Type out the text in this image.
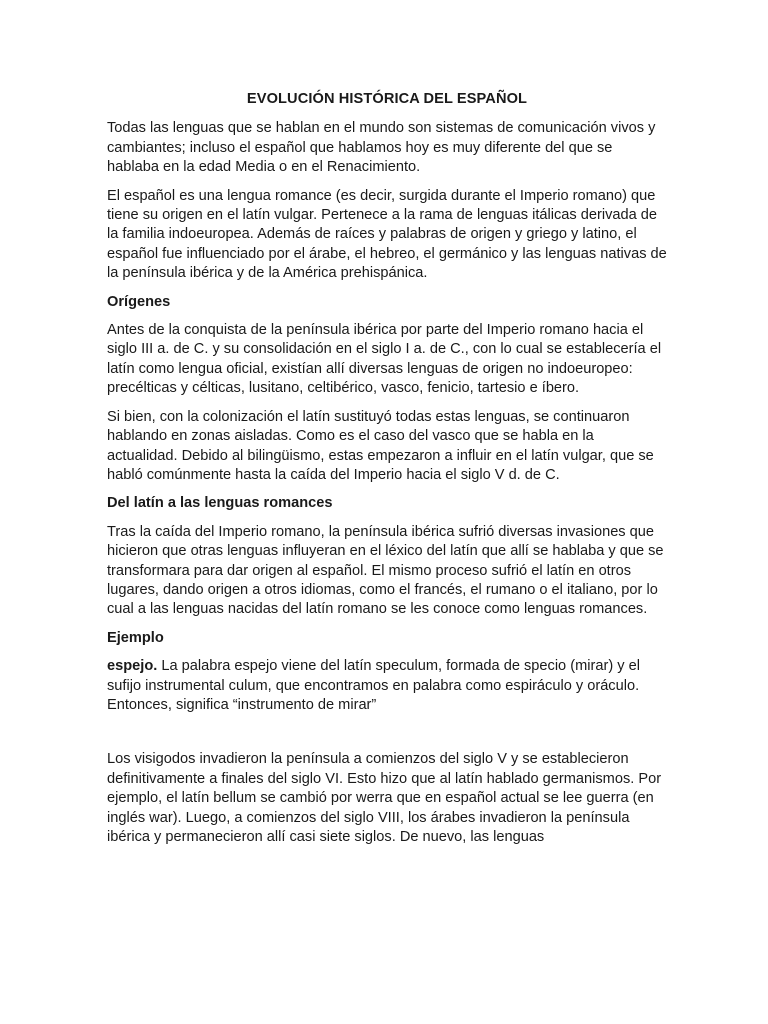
EVOLUCIÓN HISTÓRICA DEL ESPAÑOL

Todas las lenguas que se hablan en el mundo son sistemas de comunicación vivos y cambiantes; incluso el español que hablamos hoy es muy diferente del que se hablaba en la edad Media o en el Renacimiento.

El español es una lengua romance (es decir, surgida durante el Imperio romano) que tiene su origen en el latín vulgar. Pertenece a la rama de lenguas itálicas derivada de la familia indoeuropea. Además de raíces y palabras de origen y griego y latino, el español fue influenciado por el árabe, el hebreo, el germánico y las lenguas nativas de la península ibérica y de la América prehispánica.

Orígenes

Antes de la conquista de la península ibérica por parte del Imperio romano hacia el siglo III a. de C. y su consolidación en el siglo I a. de C., con lo cual se establecería el latín como lengua oficial, existían allí diversas lenguas de origen no indoeuropeo: precélticas y célticas, lusitano, celtibérico, vasco, fenicio, tartesio e íbero.

Si bien, con la colonización el latín sustituyó todas estas lenguas, se continuaron hablando en zonas aisladas. Como es el caso del vasco que se habla en la actualidad. Debido al bilingüismo, estas empezaron a influir en el latín vulgar, que se habló comúnmente hasta la caída del Imperio hacia el siglo V d. de C.

Del latín a las lenguas romances

Tras la caída del Imperio romano, la península ibérica sufrió diversas invasiones que hicieron que otras lenguas influyeran en el léxico del latín que allí se hablaba y que se transformara para dar origen al español. El mismo proceso sufrió el latín en otros lugares, dando origen a otros idiomas, como el francés, el rumano o el italiano, por lo cual a las lenguas nacidas del latín romano se les conoce como lenguas romances.

Ejemplo

espejo. La palabra espejo viene del latín speculum, formada de specio (mirar) y el sufijo instrumental culum, que encontramos en palabra como espiráculo y oráculo. Entonces, significa “instrumento de mirar”

Los visigodos invadieron la península a comienzos del siglo V y se establecieron definitivamente a finales del siglo VI. Esto hizo que al latín hablado germanismos. Por ejemplo, el latín bellum se cambió por werra que en español actual se lee guerra (en inglés war). Luego, a comienzos del siglo VIII, los árabes invadieron la península ibérica y permanecieron allí casi siete siglos. De nuevo, las lenguas
